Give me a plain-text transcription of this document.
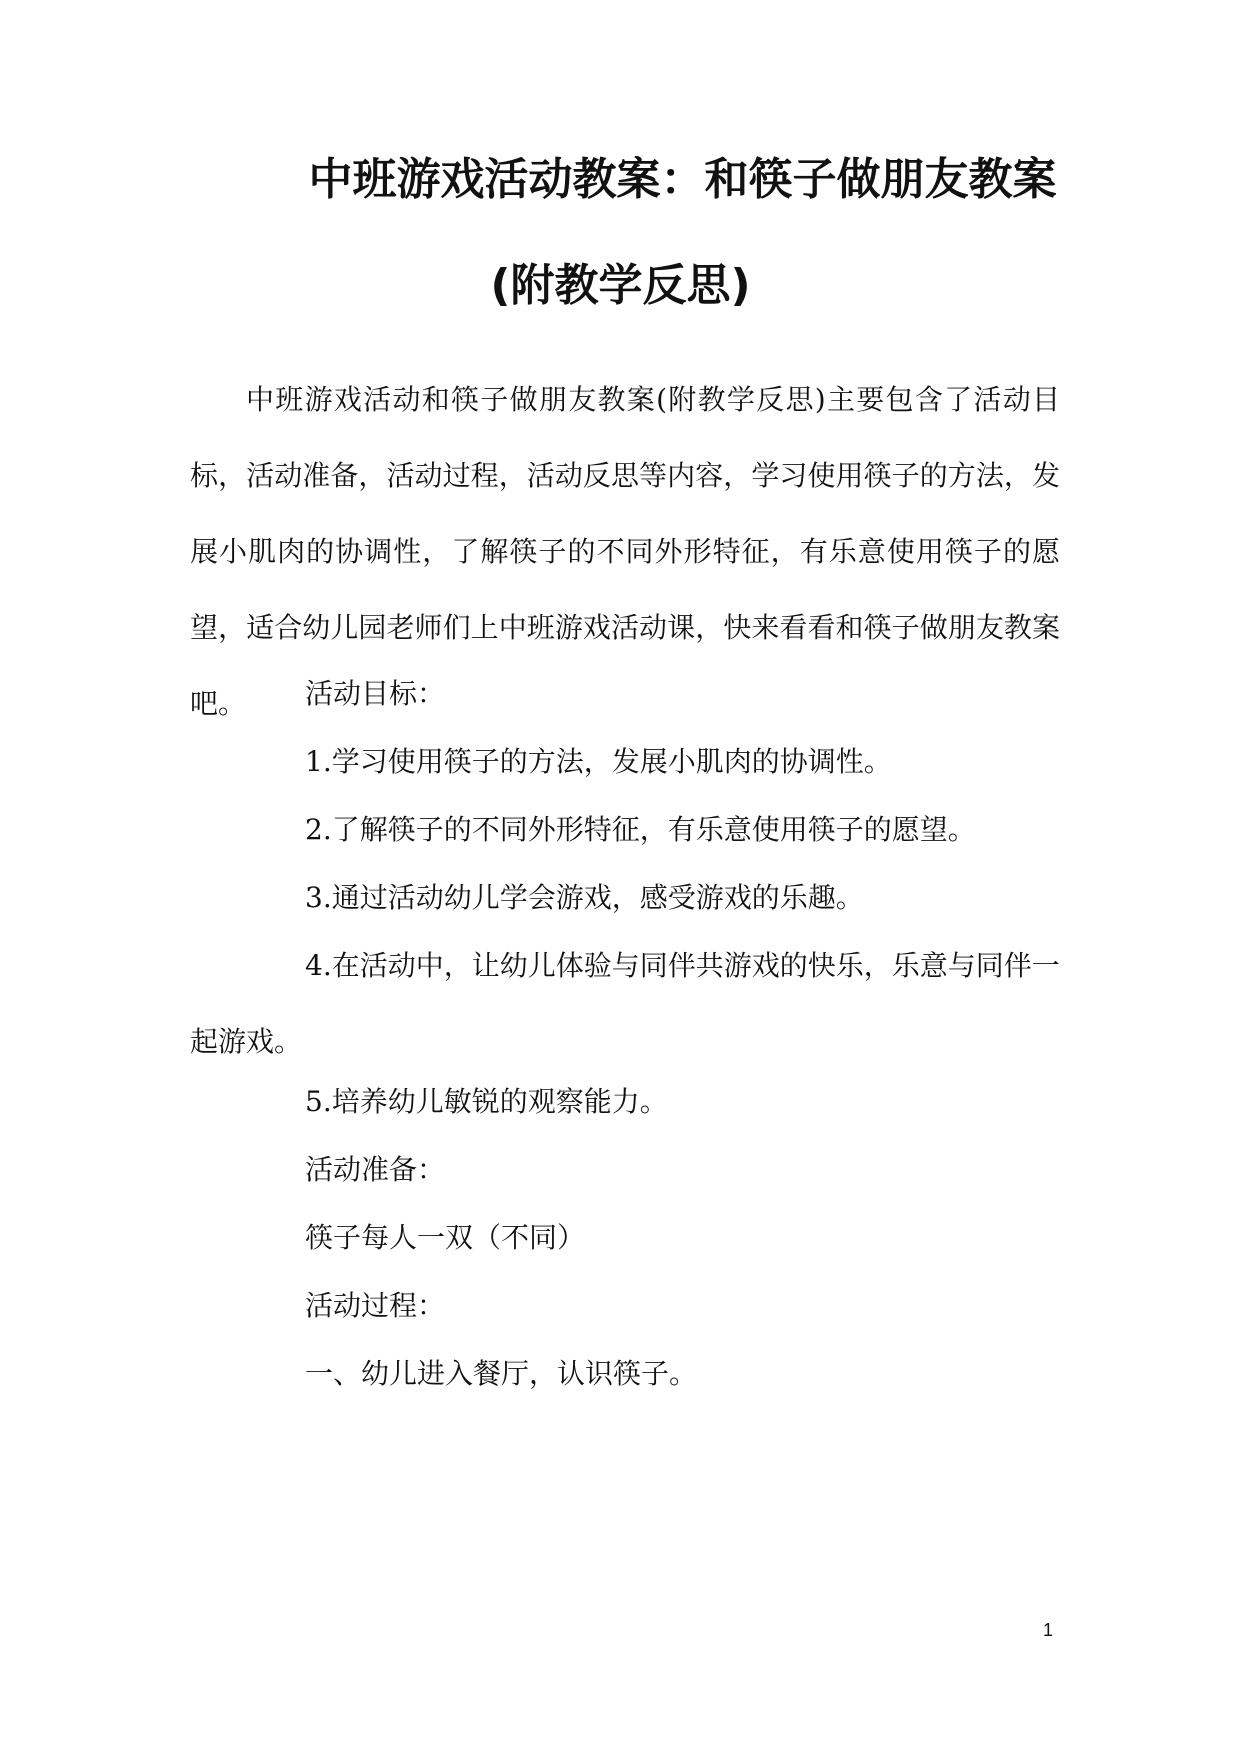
中班游戏活动教案：和筷子做朋友教案
(附教学反思)

中班游戏活动和筷子做朋友教案(附教学反思)主要包含了活动目标，活动准备，活动过程，活动反思等内容，学习使用筷子的方法，发展小肌肉的协调性，了解筷子的不同外形特征，有乐意使用筷子的愿望，适合幼儿园老师们上中班游戏活动课，快来看看和筷子做朋友教案吧。	活动目标：

1.学习使用筷子的方法，发展小肌肉的协调性。

2.了解筷子的不同外形特征，有乐意使用筷子的愿望。

3.通过活动幼儿学会游戏，感受游戏的乐趣。

4.在活动中，让幼儿体验与同伴共游戏的快乐，乐意与同伴一起游戏。

5.培养幼儿敏锐的观察能力。

活动准备：

筷子每人一双（不同）

活动过程：

一、幼儿进入餐厅，认识筷子。

1
